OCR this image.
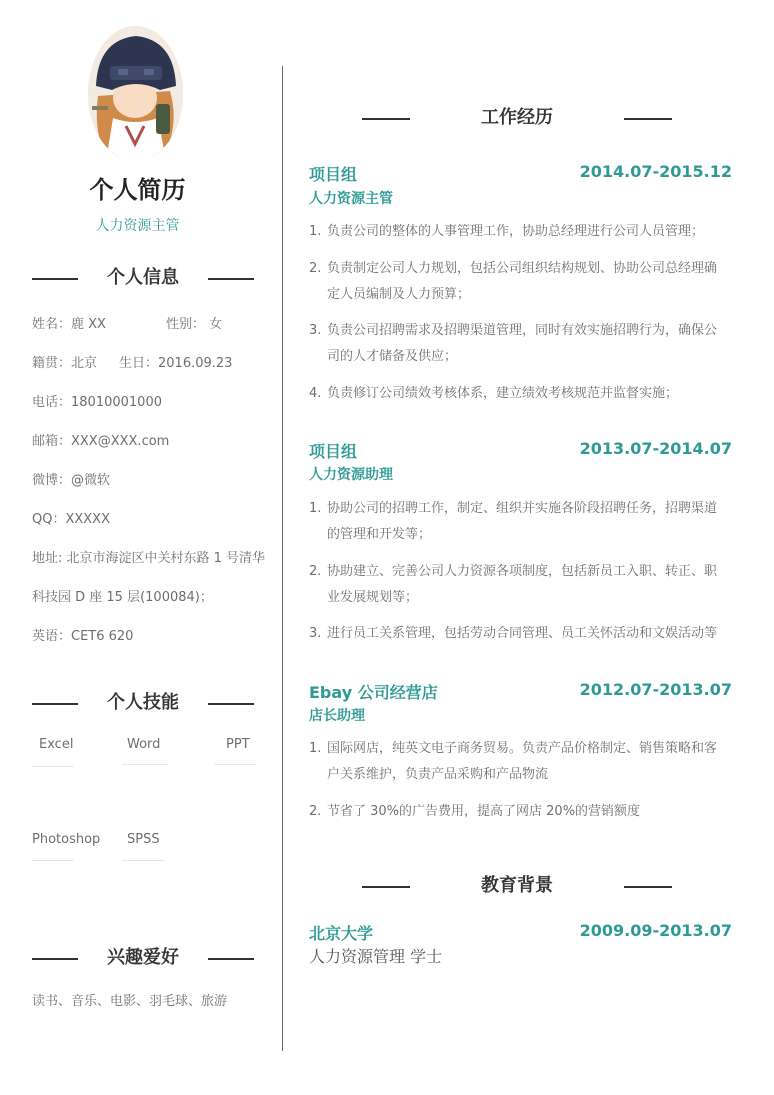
个人简历
人力资源主管
个人信息
姓名：鹿 XX	性别： 女
籍贯：北京 生日：2016.09.23
电话：18010001000
邮箱：XXX@XXX.com
微博：@微软
QQ：XXXXX
地址: 北京市海淀区中关村东路 1 号清华
科技园 D 座 15 层(100084)；
英语：CET6 620
个人技能
Excel	Word	PPT
Photoshop SPSS
兴趣爱好
读书、音乐、电影、羽毛球、旅游
工作经历
项目组	2014.07-2015.12
人力资源主管
1. 负责公司的整体的人事管理工作，协助总经理进行公司人员管理；
2. 负责制定公司人力规划，包括公司组织结构规划、协助公司总经理确定人员编制及人力预算；
3. 负责公司招聘需求及招聘渠道管理，同时有效实施招聘行为，确保公司的人才储备及供应；
4. 负责修订公司绩效考核体系，建立绩效考核规范并监督实施；
项目组	2013.07-2014.07
人力资源助理
1. 协助公司的招聘工作，制定、组织并实施各阶段招聘任务，招聘渠道的管理和开发等；
2. 协助建立、完善公司人力资源各项制度，包括新员工入职、转正、职业发展规划等；
3. 进行员工关系管理，包括劳动合同管理、员工关怀活动和文娱活动等
Ebay 公司经营店	2012.07-2013.07
店长助理
1. 国际网店，纯英文电子商务贸易。负责产品价格制定、销售策略和客户关系维护，负责产品采购和产品物流
2. 节省了 30%的广告费用，提高了网店 20%的营销额度
教育背景
北京大学	2009.09-2013.07
人力资源管理 学士
